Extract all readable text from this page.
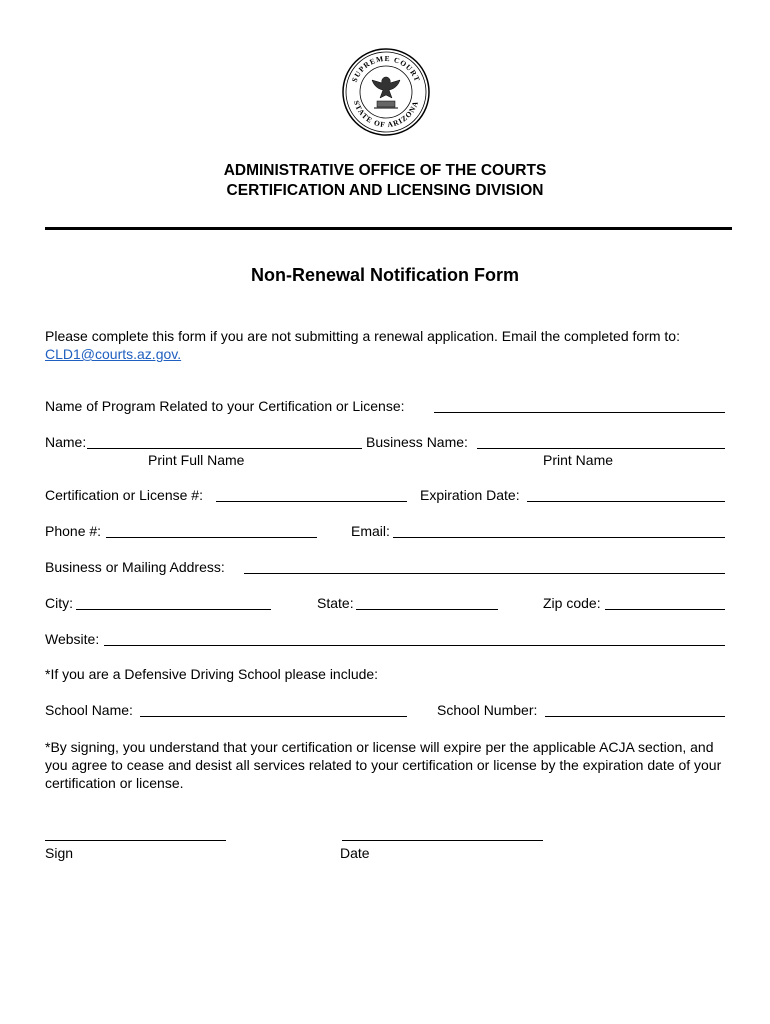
SUPREME COURT
STATE OF ARIZONA
ADMINISTRATIVE OFFICE OF THE COURTS
CERTIFICATION AND LICENSING DIVISION
Non-Renewal Notification Form
Please complete this form if you are not submitting a renewal application. Email the completed form to: CLD1@courts.az.gov.
Name of Program Related to your Certification or License:
Name:	Business Name:
Print Full Name	Print Name
Certification or License #:	Expiration Date:
Phone #:	Email:
Business or Mailing Address:
City:	State:	Zip code:
Website:
*If you are a Defensive Driving School please include:
School Name:	School Number:
*By signing, you understand that your certification or license will expire per the applicable ACJA section, and you agree to cease and desist all services related to your certification or license by the expiration date of your certification or license.
Sign	Date
